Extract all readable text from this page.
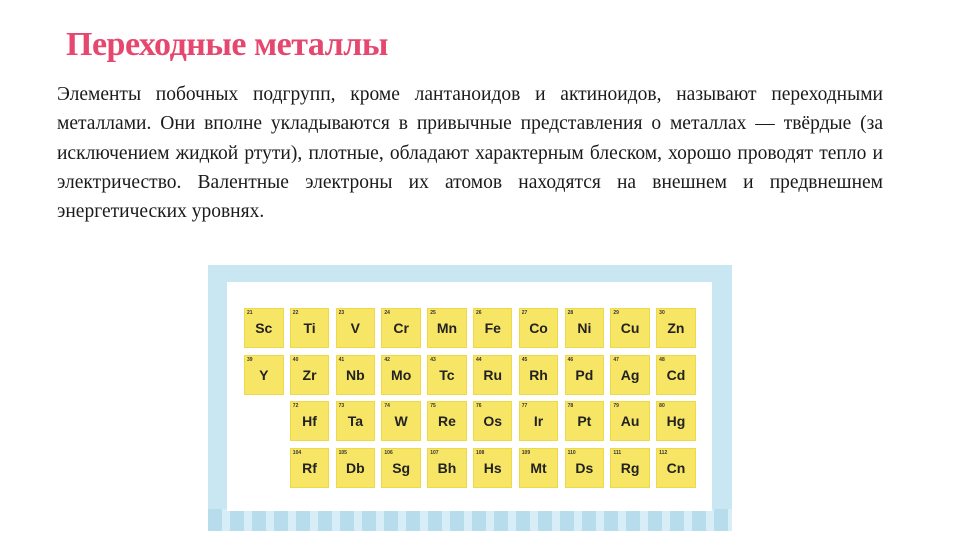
Переходные металлы

Элементы побочных подгрупп, кроме лантаноидов и актиноидов, называют переходными металлами. Они вполне укладываются в привычные представления о металлах — твёрдые (за исключением жидкой ртути), плотные, обладают характерным блеском, хорошо проводят тепло и электричество. Валентные электроны их атомов находятся на внешнем и предвнешнем энергетических уровнях.

21
Sc
22
Ti
23
V
24
Cr
25
Mn
26
Fe
27
Co
28
Ni
29
Cu
30
Zn
39
Y
40
Zr
41
Nb
42
Mo
43
Tc
44
Ru
45
Rh
46
Pd
47
Ag
48
Cd
72
Hf
73
Ta
74
W
75
Re
76
Os
77
Ir
78
Pt
79
Au
80
Hg
104
Rf
105
Db
106
Sg
107
Bh
108
Hs
109
Mt
110
Ds
111
Rg
112
Cn
